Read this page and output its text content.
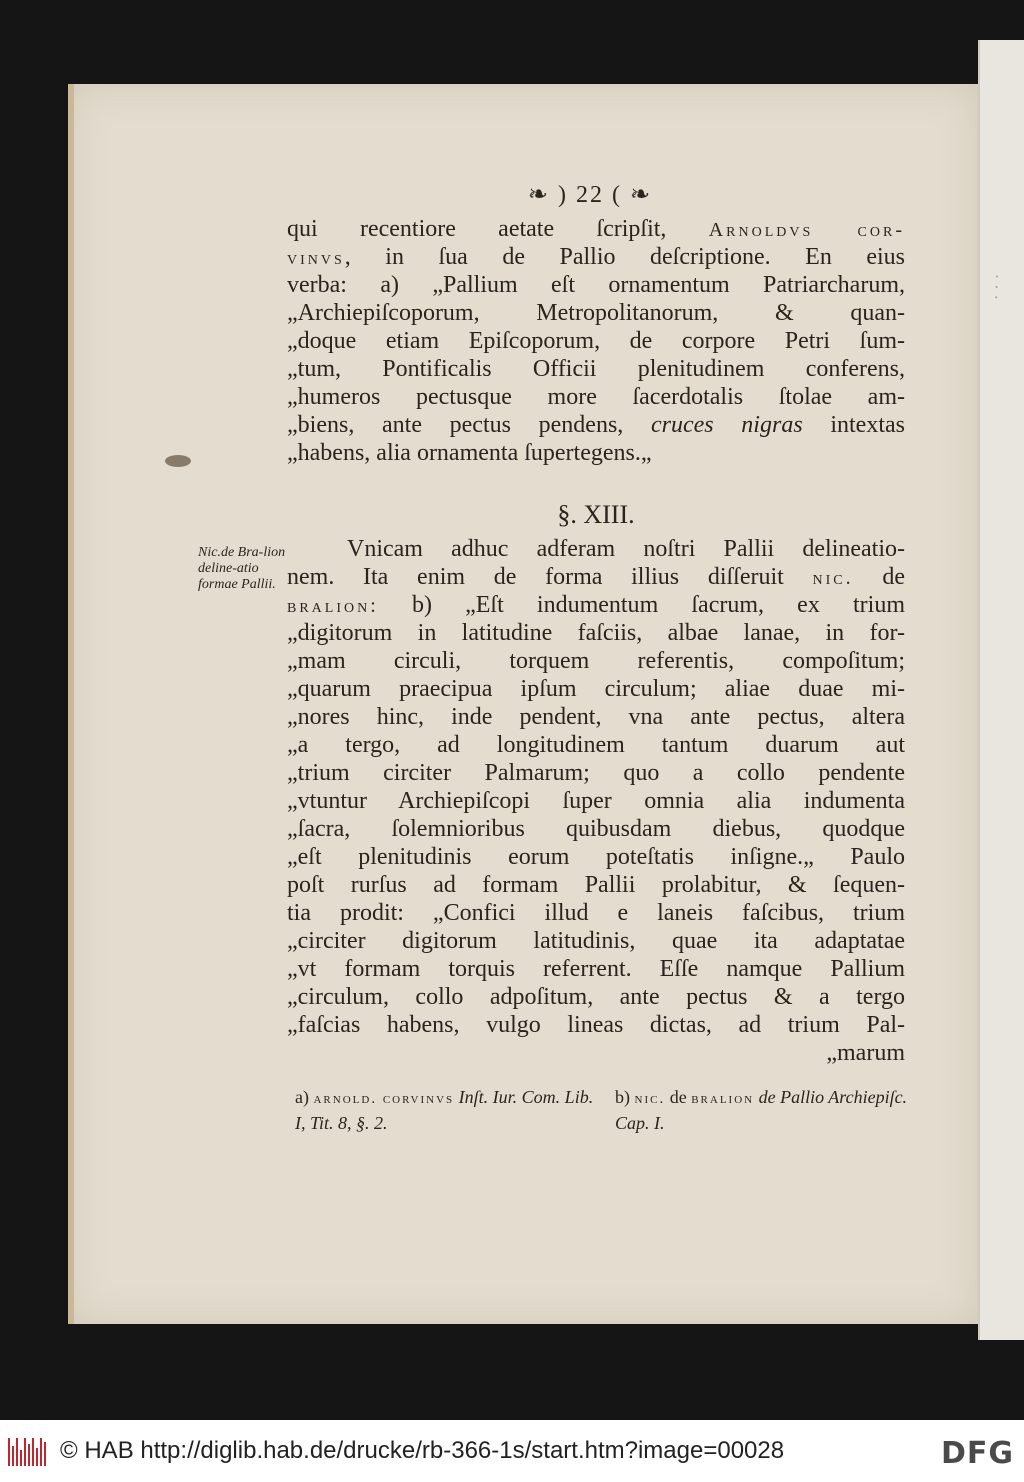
· · ·
❧ ) 22 ( ❧
qui recentiore aetate ſcripſit, Arnoldvs cor-
vinvs, in ſua de Pallio deſcriptione. En eius
verba: a) „Pallium eſt ornamentum Patriarcharum,
„Archiepiſcoporum, Metropolitanorum, & quan-
„doque etiam Epiſcoporum, de corpore Petri ſum-
„tum, Pontificalis Officii plenitudinem conferens,
„humeros pectusque more ſacerdotalis ſtolae am-
„biens, ante pectus pendens, cruces nigras intextas
„habens, alia ornamenta ſupertegens.„
§. XIII.
Nic.de Bra-lion deline-atio formae Pallii.
Vnicam adhuc adferam noſtri Pallii delineatio-
nem. Ita enim de forma illius diſſeruit nic. de
bralion: b) „Eſt indumentum ſacrum, ex trium
„digitorum in latitudine faſciis, albae lanae, in for-
„mam circuli, torquem referentis, compoſitum;
„quarum praecipua ipſum circulum; aliae duae mi-
„nores hinc, inde pendent, vna ante pectus, altera
„a tergo, ad longitudinem tantum duarum aut
„trium circiter Palmarum; quo a collo pendente
„vtuntur Archiepiſcopi ſuper omnia alia indumenta
„ſacra, ſolemnioribus quibusdam diebus, quodque
„eſt plenitudinis eorum poteſtatis inſigne.„ Paulo
poſt rurſus ad formam Pallii prolabitur, & ſequen-
tia prodit: „Confici illud e laneis faſcibus, trium
„circiter digitorum latitudinis, quae ita adaptatae
„vt formam torquis referrent. Eſſe namque Pallium
„circulum, collo adpoſitum, ante pectus & a tergo
„faſcias habens, vulgo lineas dictas, ad trium Pal-
„marum
a) arnold. corvinvs Inſt. Iur. Com. Lib. I, Tit. 8, §. 2.
b) nic. de bralion de Pallio Archiepiſc. Cap. I.
© HAB http://diglib.hab.de/drucke/rb-366-1s/start.htm?image=00028	DFG
